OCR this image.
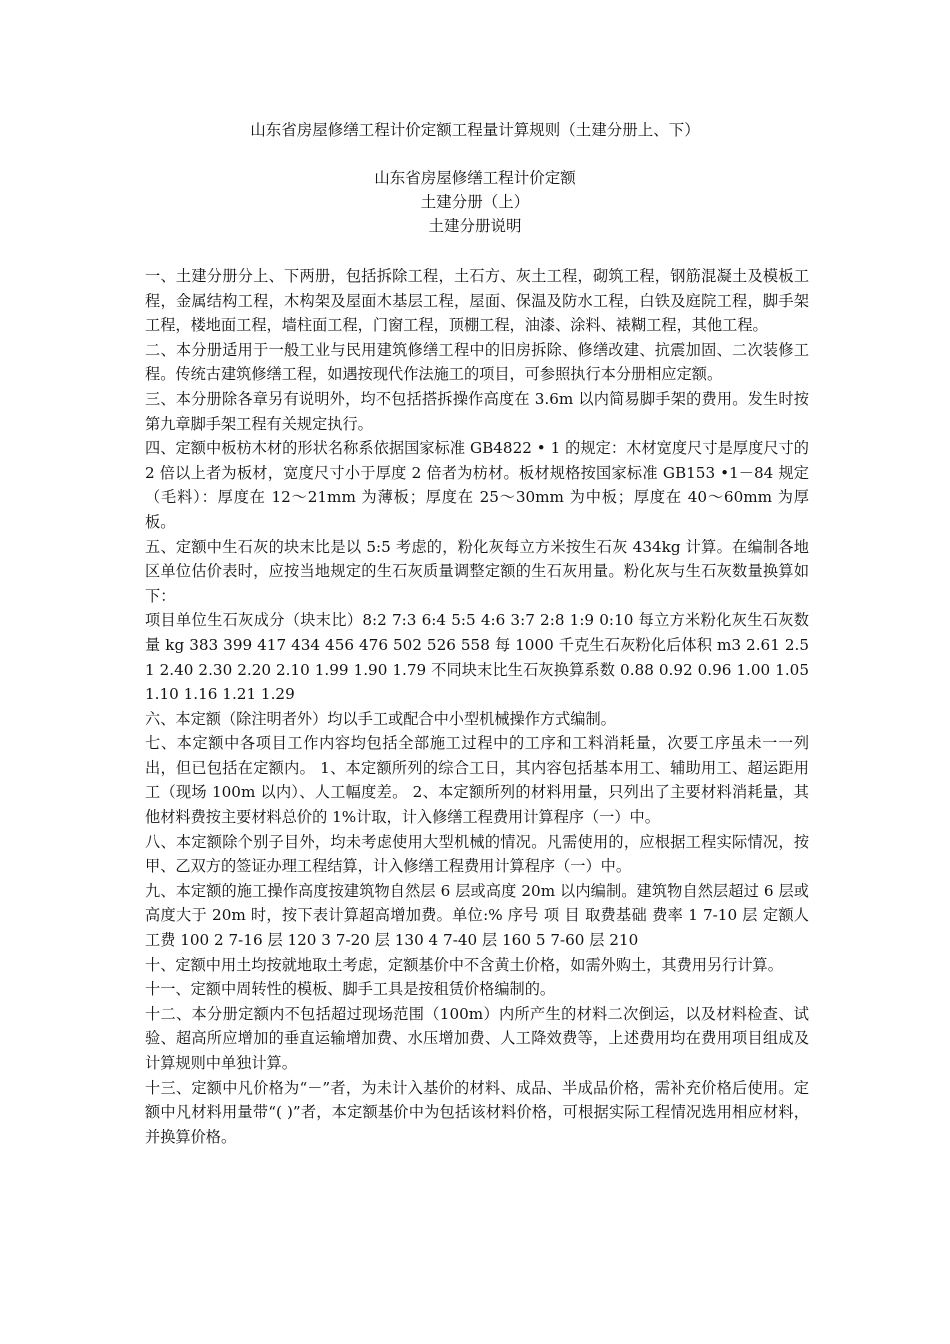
山东省房屋修缮工程计价定额工程量计算规则（土建分册上、下）
山东省房屋修缮工程计价定额
土建分册（上）
土建分册说明

一、土建分册分上、下两册，包括拆除工程，土石方、灰土工程，砌筑工程，钢筋混凝土及模板工程，金属结构工程，木构架及屋面木基层工程，屋面、保温及防水工程，白铁及庭院工程，脚手架工程，楼地面工程，墙柱面工程，门窗工程，顶棚工程，油漆、涂料、裱糊工程，其他工程。

二、本分册适用于一般工业与民用建筑修缮工程中的旧房拆除、修缮改建、抗震加固、二次装修工程。传统古建筑修缮工程，如遇按现代作法施工的项目，可参照执行本分册相应定额。

三、本分册除各章另有说明外，均不包括搭拆操作高度在 3.6m 以内简易脚手架的费用。发生时按第九章脚手架工程有关规定执行。

四、定额中板枋木材的形状名称系依据国家标准 GB4822 • 1 的规定：木材宽度尺寸是厚度尺寸的 2 倍以上者为板材，宽度尺寸小于厚度 2 倍者为枋材。板材规格按国家标准 GB153 •1－84 规定（毛料）：厚度在 12～21mm 为薄板；厚度在 25～30mm 为中板；厚度在 40～60mm 为厚板。

五、定额中生石灰的块末比是以 5:5 考虑的，粉化灰每立方米按生石灰 434kg 计算。在编制各地区单位估价表时，应按当地规定的生石灰质量调整定额的生石灰用量。粉化灰与生石灰数量换算如下：

项目单位生石灰成分（块末比）8:2 7:3 6:4 5:5 4:6 3:7 2:8 1:9 0:10 每立方米粉化灰生石灰数量 kg 383 399 417 434 456 476 502 526 558 每 1000 千克生石灰粉化后体积 m3 2.61 2.51 2.40 2.30 2.20 2.10 1.99 1.90 1.79 不同块末比生石灰换算系数 0.88 0.92 0.96 1.00 1.05 1.10 1.16 1.21 1.29

六、本定额（除注明者外）均以手工或配合中小型机械操作方式编制。

七、本定额中各项目工作内容均包括全部施工过程中的工序和工料消耗量，次要工序虽未一一列出，但已包括在定额内。 1、本定额所列的综合工日，其内容包括基本用工、辅助用工、超运距用工（现场 100m 以内）、人工幅度差。 2、本定额所列的材料用量，只列出了主要材料消耗量，其他材料费按主要材料总价的 1%计取，计入修缮工程费用计算程序（一）中。

八、本定额除个别子目外，均未考虑使用大型机械的情况。凡需使用的，应根据工程实际情况，按甲、乙双方的签证办理工程结算，计入修缮工程费用计算程序（一）中。

九、本定额的施工操作高度按建筑物自然层 6 层或高度 20m 以内编制。建筑物自然层超过 6 层或高度大于 20m 时，按下表计算超高增加费。单位:% 序号 项 目 取费基础 费率 1 7-10 层 定额人工费 100 2 7-16 层 120 3 7-20 层 130 4 7-40 层 160 5 7-60 层 210

十、定额中用土均按就地取土考虑，定额基价中不含黄土价格，如需外购土，其费用另行计算。

十一、定额中周转性的模板、脚手工具是按租赁价格编制的。

十二、本分册定额内不包括超过现场范围（100m）内所产生的材料二次倒运，以及材料检查、试验、超高所应增加的垂直运输增加费、水压增加费、人工降效费等，上述费用均在费用项目组成及计算规则中单独计算。

十三、定额中凡价格为“－”者，为未计入基价的材料、成品、半成品价格，需补充价格后使用。定额中凡材料用量带“( )”者，本定额基价中为包括该材料价格，可根据实际工程情况选用相应材料，并换算价格。
